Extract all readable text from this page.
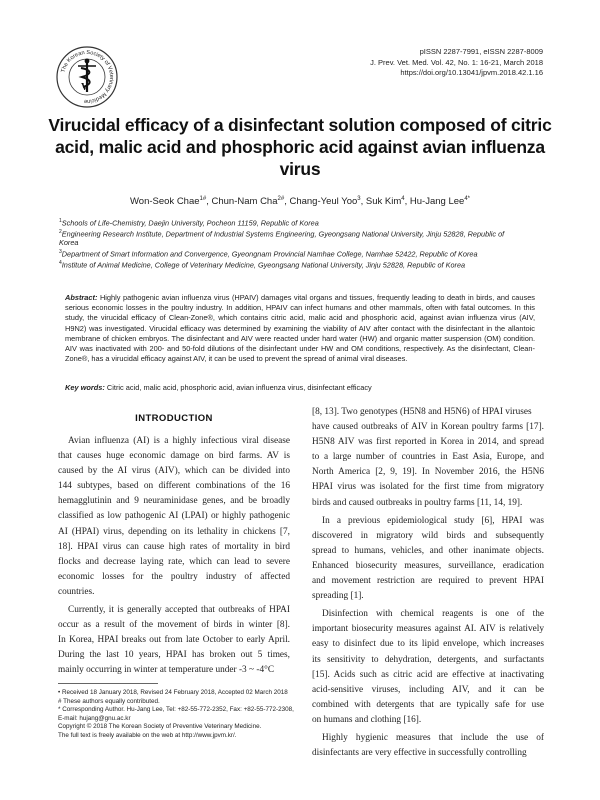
The Korean Society of Veterinary Medicine
V
pISSN 2287-7991, eISSN 2287-8009
J. Prev. Vet. Med. Vol. 42, No. 1: 16-21, March 2018
https://doi.org/10.13041/jpvm.2018.42.1.16
Virucidal efficacy of a disinfectant solution composed of citric
acid, malic acid and phosphoric acid against avian influenza
virus
Won-Seok Chae$^{1\#}$, Chun-Nam Cha$^{2\#}$, Chang-Yeul Yoo$^3$, Suk Kim$^4$, Hu-Jang Lee$^{4*}$
$^1$Schools of Life-Chemistry, Daejin University, Pocheon 11159, Republic of Korea
$^2$Engineering Research Institute, Department of Industrial Systems Engineering, Gyeongsang National University, Jinju 52828, Republic of
Korea
$^3$Department of Smart Information and Convergence, Gyeongnam Provincial Namhae College, Namhae 52422, Republic of Korea
$^4$Institute of Animal Medicine, College of Veterinary Medicine, Gyeongsang National University, Jinju 52828, Republic of Korea
Abstract: Highly pathogenic avian influenza virus (HPAIV) damages vital organs and tissues, frequently leading to death in birds, and causes serious economic losses in the poultry industry. In addition, HPAIV can infect humans and other mammals, often with fatal outcomes. In this study, the virucidal efficacy of Clean-Zone®, which contains citric acid, malic acid and phosphoric acid, against avian influenza virus (AIV, H9N2) was investigated. Virucidal efficacy was determined by examining the viability of AIV after contact with the disinfectant in the allantoic membrane of chicken embryos. The disinfectant and AIV were reacted under hard water (HW) and organic matter suspension (OM) condition. AIV was inactivated with 200- and 50-fold dilutions of the disinfectant under HW and OM conditions, respectively. As the disinfectant, Clean-Zone®, has a virucidal efficacy against AIV, it can be used to prevent the spread of animal viral diseases.
Key words: Citric acid, malic acid, phosphoric acid, avian influenza virus, disinfectant efficacy
INTRODUCTION
Avian influenza (AI) is a highly infectious viral disease
that causes huge economic damage on bird farms. AV is
caused by the AI virus (AIV), which can be divided into
144 subtypes, based on different combinations of the 16
hemagglutinin and 9 neuraminidase genes, and be broadly
classified as low pathogenic AI (LPAI) or highly pathogenic
AI (HPAI) virus, depending on its lethality in chickens [7,
18]. HPAI virus can cause high rates of mortality in bird
flocks and decrease laying rate, which can lead to severe
economic losses for the poultry industry of affected
countries.
Currently, it is generally accepted that outbreaks of HPAI
occur as a result of the movement of birds in winter [8].
In Korea, HPAI breaks out from late October to early April.
During the last 10 years, HPAI has broken out 5 times,
mainly occurring in winter at temperature under -3 ~ -4°C
[8, 13]. Two genotypes (H5N8 and H5N6) of HPAI viruses
have caused outbreaks of AIV in Korean poultry farms [17].
H5N8 AIV was first reported in Korea in 2014, and spread
to a large number of countries in East Asia, Europe, and
North America [2, 9, 19]. In November 2016, the H5N6
HPAI virus was isolated for the first time from migratory
birds and caused outbreaks in poultry farms [11, 14, 19].
In a previous epidemiological study [6], HPAI was
discovered in migratory wild birds and subsequently
spread to humans, vehicles, and other inanimate objects.
Enhanced biosecurity measures, surveillance, eradication
and movement restriction are required to prevent HPAI
spreading [1].
Disinfection with chemical reagents is one of the
important biosecurity measures against AI. AIV is relatively
easy to disinfect due to its lipid envelope, which increases
its sensitivity to dehydration, detergents, and surfactants
[15]. Acids such as citric acid are effective at inactivating
acid-sensitive viruses, including AIV, and it can be
combined with detergents that are typically safe for use
on humans and clothing [16].
Highly hygienic measures that include the use of
disinfectants are very effective in successfully controlling
• Received 18 January 2018, Revised 24 February 2018, Accepted 02 March 2018
# These authors equally contributed.
* Corresponding Author. Hu-Jang Lee, Tel: +82-55-772-2352, Fax: +82-55-772-2308,
E-mail: hujang@gnu.ac.kr
Copyright © 2018 The Korean Society of Preventive Veterinary Medicine.
The full text is freely available on the web at http://www.jpvm.kr/.
